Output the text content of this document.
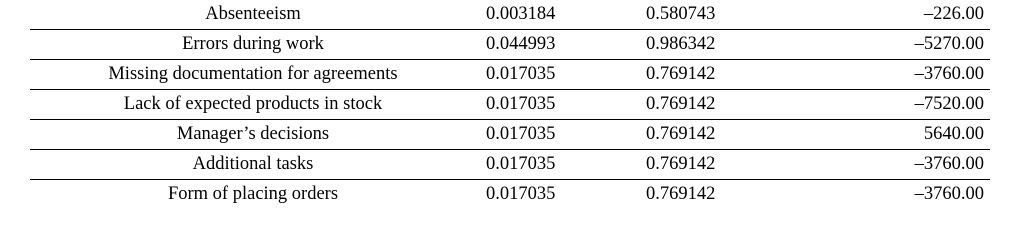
Absenteeism	0.003184	0.580743	–226.00
Errors during work	0.044993	0.986342	–5270.00
Missing documentation for agreements	0.017035	0.769142	–3760.00
Lack of expected products in stock	0.017035	0.769142	–7520.00
Manager’s decisions	0.017035	0.769142	5640.00
Additional tasks	0.017035	0.769142	–3760.00
Form of placing orders	0.017035	0.769142	–3760.00
